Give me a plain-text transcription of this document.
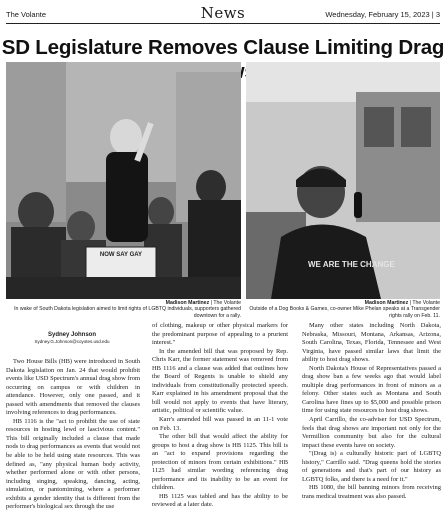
The Volante	News	Wednesday, February 15, 2023 | 3
SD Legislature Removes Clause Limiting Drag
Madison Martinez | The Volante
In wake of South Dakota legislation aimed to limit rights of LGBTQ individuals, supporters gathered downtown for a rally.
WE ARE THE CHANGE
Madison Martinez | The Volante
Outside of a Dog Books & Games, co-owner Mike Phelan speaks at a Transgender rights rally on Feb. 11.
Sydney Johnson
Sydney.G.Johnson@coyotes.usd.edu

Two House Bills (HB) were introduced in South Dakota legislation on Jan. 24 that would prohibit events like USD Spectrum's annual drag show from occurring on campus or with children in attendance. However, only one passed, and it passed with amendments that removed the clauses involving references to drag performances.

HB 1116 is the "act to prohibit the use of state resources in hosting lewd or lascivious content." This bill originally included a clause that made nods to drag performances as events that would not be able to be held using state resources. This was defined as, "any physical human body activity, whether performed alone or with other persons, including singing, speaking, dancing, acting, simulation, or pantomiming, where a performer exhibits a gender identity that is different from the performer's biological sex through the use

of clothing, makeup or other physical markers for the predominant purpose of appealing to a prurient interest."

In the amended bill that was proposed by Rep. Chris Karr, the former statement was removed from HB 1116 and a clause was added that outlines how the Board of Regents is unable to shield any individuals from constitutionally protected speech. Karr explained in his amendment proposal that the bill would not apply to events that have literary, artistic, political or scientific value.

Karr's amended bill was passed in an 11-1 vote on Feb. 13.

The other bill that would affect the ability for groups to host a drag show is HB 1125. This bill is an "act to expand provisions regarding the protection of minors from certain exhibitions." HB 1125 had similar wording referencing drag performance and its inability to be an event for children.

HB 1125 was tabled and has the ability to be reviewed at a later date.

Many other states including North Dakota, Nebraska, Missouri, Montana, Arkansas, Arizona, South Carolina, Texas, Florida, Tennessee and West Virginia, have passed similar laws that limit the ability to host drag shows.

North Dakota's House of Representatives passed a drag show ban a few weeks ago that would label multiple drag performances in front of minors as a felony. Other states such as Montana and South Carolina have fines up to $5,000 and possible prison time for using state resources to host drag shows.

April Carrillo, the co-adviser for USD Spectrum, feels that drag shows are important not only for the Vermillion community but also for the cultural impact these events have on society.

"(Drag is) a culturally historic part of LGBTQ history," Carrillo said. "Drag queens hold the stories of generations and that's part of our history as LGBTQ folks, and there is a need for it."

HB 1080, the bill banning minors from receiving trans medical treatment was also passed.

NOW SAY GAY
